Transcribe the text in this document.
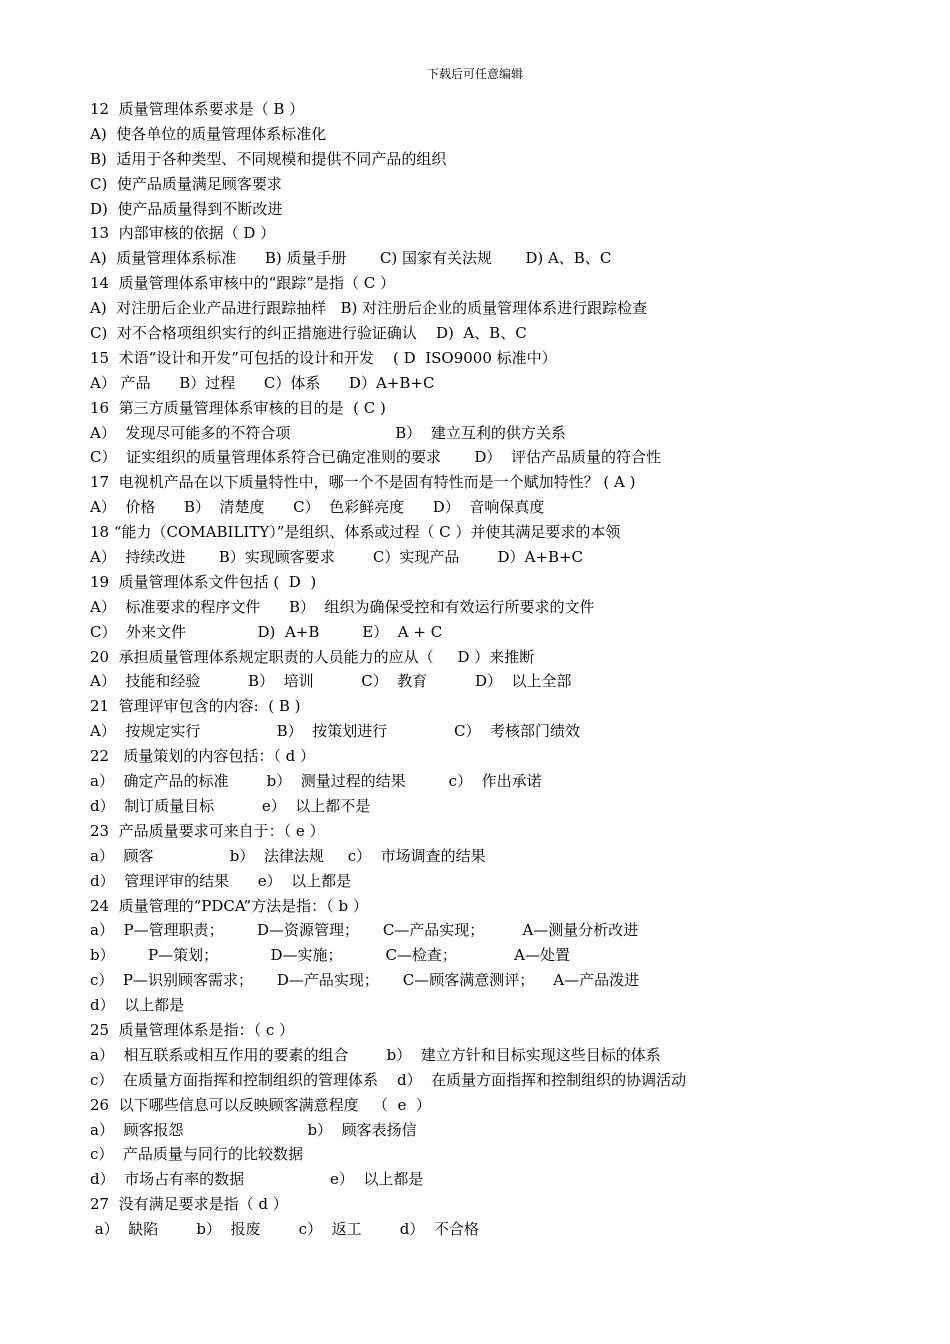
下载后可任意编辑
12  质量管理体系要求是（ B ）
A)  使各单位的质量管理体系标准化
B)  适用于各种类型、不同规模和提供不同产品的组织
C)  使产品质量满足顾客要求
D)  使产品质量得到不断改进
13  内部审核的依据（ D ）
A)  质量管理体系标准      B) 质量手册       C) 国家有关法规       D) A、B、C
14  质量管理体系审核中的“跟踪”是指（ C ）
A)  对注册后企业产品进行跟踪抽样   B) 对注册后企业的质量管理体系进行跟踪检查
C)  对不合格项组织实行的纠正措施进行验证确认    D)  A、B、C
15  术语“设计和开发”可包括的设计和开发    ( D  ISO9000 标准中）
A） 产品      B）过程      C）体系      D）A+B+C
16  第三方质量管理体系审核的目的是  ( C )
A）  发现尽可能多的不符合项                      B）  建立互利的供方关系
C）  证实组织的质量管理体系符合已确定准则的要求       D）  评估产品质量的符合性
17  电视机产品在以下质量特性中，哪一个不是固有特性而是一个赋加特性？ ( A )
A）  价格      B）  清楚度      C）  色彩鲜亮度      D）  音响保真度
18 “能力（COMABILITY）”是组织、体系或过程（ C ）并使其满足要求的本领
A）  持续改进       B）实现顾客要求        C）实现产品        D）A+B+C
19  质量管理体系文件包括 (  D  )
A）  标准要求的程序文件      B）  组织为确保受控和有效运行所要求的文件
C）  外来文件               D)  A+B         E）  A + C
20  承担质量管理体系规定职责的人员能力的应从（     D ）来推断
A）  技能和经验          B）  培训          C）  教育          D）  以上全部
21  管理评审包含的内容:  ( B )
A）  按规定实行                B）  按策划进行              C）  考核部门绩效
22   质量策划的内容包括：（ d ）
a）  确定产品的标准        b）  测量过程的结果         c）  作出承诺
d）  制订质量目标          e）  以上都不是
23  产品质量要求可来自于：（ e ）
a）  顾客                b）  法律法规     c）  市场调查的结果
d）  管理评审的结果      e）  以上都是
24  质量管理的“PDCA”方法是指：（ b ）
a）  P—管理职责；       D—资源管理；     C—产品实现；        A—测量分析改进
b）       P—策划；           D—实施；         C—检查；            A—处置
c）  P—识别顾客需求；     D—产品实现；     C—顾客满意测评；    A—产品泼进
d）  以上都是
25  质量管理体系是指：（ c ）
a）  相互联系或相互作用的要素的组合        b）  建立方针和目标实现这些目标的体系
c）  在质量方面指挥和控制组织的管理体系    d）  在质量方面指挥和控制组织的协调活动
26  以下哪些信息可以反映顾客满意程度   （  e  ）
a）  顾客报怨                          b）  顾客表扬信
c）  产品质量与同行的比较数据
d）  市场占有率的数据                  e）  以上都是
27  没有满足要求是指（ d ）
a）  缺陷        b）  报废        c）  返工        d）  不合格
